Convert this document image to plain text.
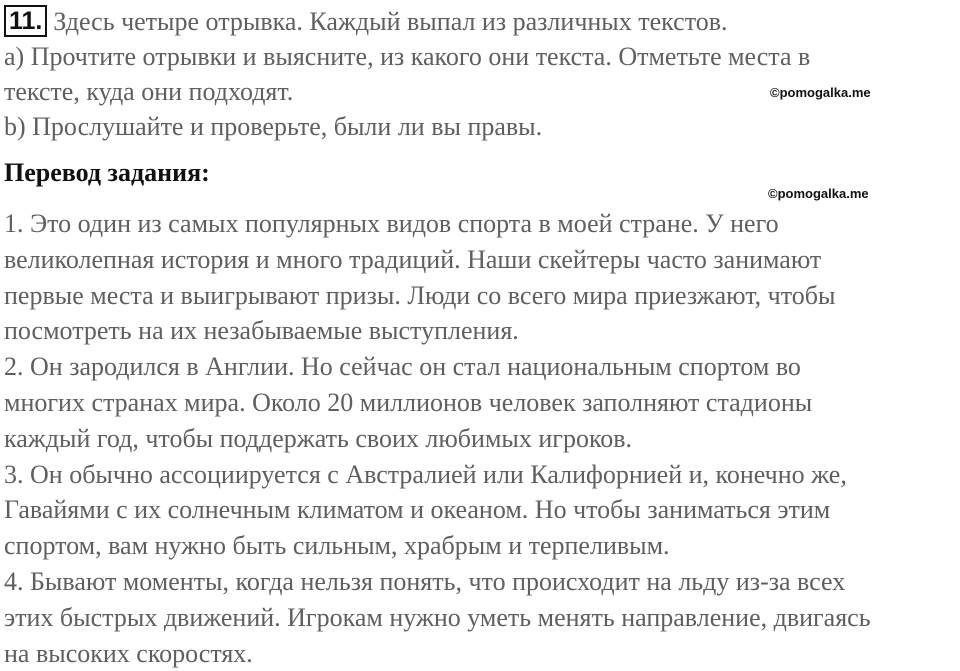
11. Здесь четыре отрывка. Каждый выпал из различных текстов.
a) Прочтите отрывки и выясните, из какого они текста. Отметьте места в
тексте, куда они подходят.
b) Прослушайте и проверьте, были ли вы правы.
©pomogalka.me
Перевод задания:
©pomogalka.me
1. Это один из самых популярных видов спорта в моей стране. У него
великолепная история и много традиций. Наши скейтеры часто занимают
первые места и выигрывают призы. Люди со всего мира приезжают, чтобы
посмотреть на их незабываемые выступления.
2. Он зародился в Англии. Но сейчас он стал национальным спортом во
многих странах мира. Около 20 миллионов человек заполняют стадионы
каждый год, чтобы поддержать своих любимых игроков.
3. Он обычно ассоциируется с Австралией или Калифорнией и, конечно же,
Гавайями с их солнечным климатом и океаном. Но чтобы заниматься этим
спортом, вам нужно быть сильным, храбрым и терпеливым.
4. Бывают моменты, когда нельзя понять, что происходит на льду из-за всех
этих быстрых движений. Игрокам нужно уметь менять направление, двигаясь
на высоких скоростях.
